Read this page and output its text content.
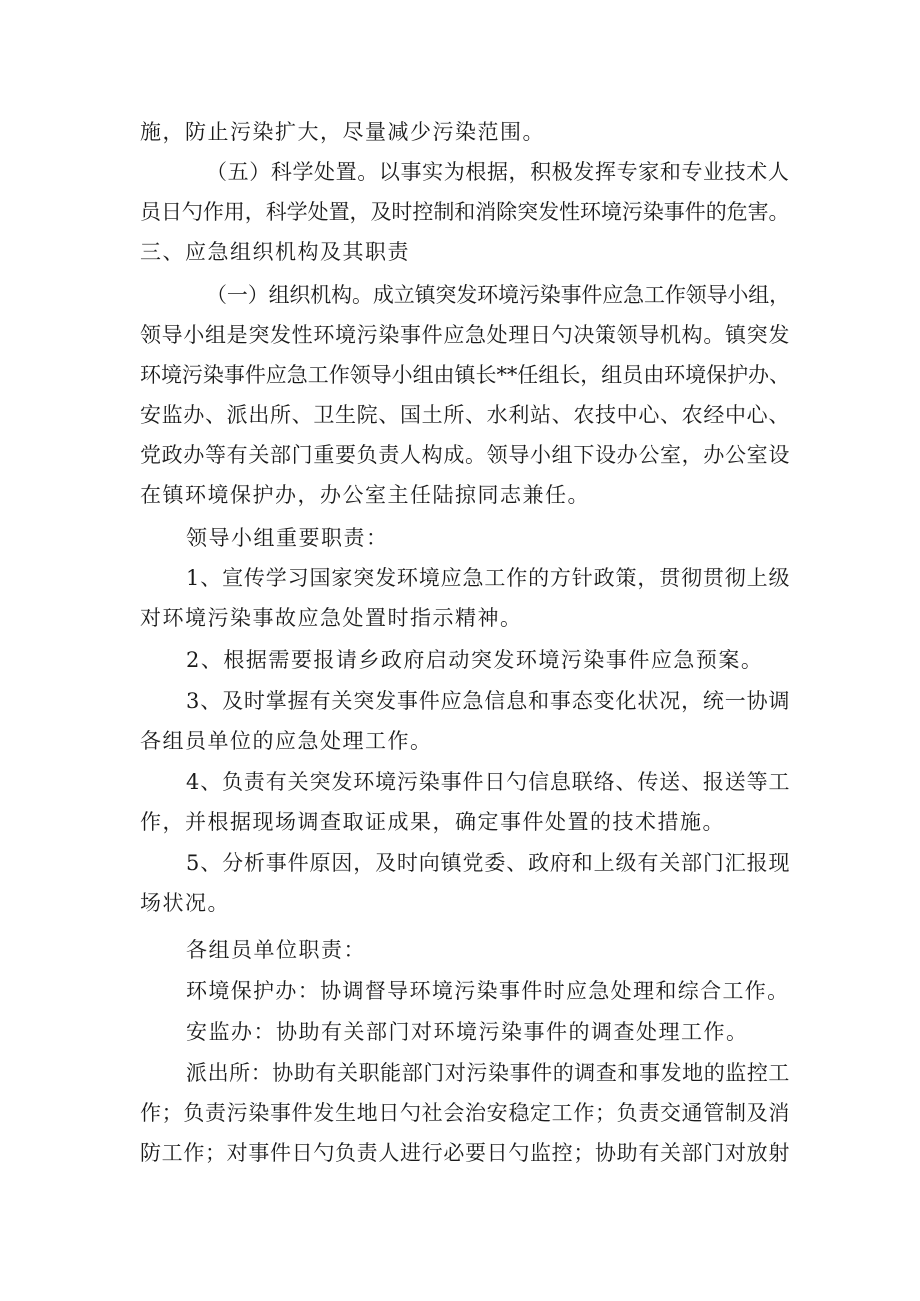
施，防止污染扩大，尽量减少污染范围。
（五）科学处置。以事实为根据，积极发挥专家和专业技术人
员日勺作用，科学处置，及时控制和消除突发性环境污染事件的危害。
三、应急组织机构及其职责
（一）组织机构。成立镇突发环境污染事件应急工作领导小组，
领导小组是突发性环境污染事件应急处理日勺决策领导机构。镇突发
环境污染事件应急工作领导小组由镇长**任组长，组员由环境保护办、
安监办、派出所、卫生院、国土所、水利站、农技中心、农经中心、
党政办等有关部门重要负责人构成。领导小组下设办公室，办公室设
在镇环境保护办，办公室主任陆掠同志兼任。
领导小组重要职责：
1、宣传学习国家突发环境应急工作的方针政策，贯彻贯彻上级
对环境污染事故应急处置时指示精神。
2、根据需要报请乡政府启动突发环境污染事件应急预案。
3、及时掌握有关突发事件应急信息和事态变化状况，统一协调
各组员单位的应急处理工作。
4、负责有关突发环境污染事件日勺信息联络、传送、报送等工
作，并根据现场调查取证成果，确定事件处置的技术措施。
5、分析事件原因，及时向镇党委、政府和上级有关部门汇报现
场状况。
各组员单位职责：
环境保护办：协调督导环境污染事件时应急处理和综合工作。
安监办：协助有关部门对环境污染事件的调查处理工作。
派出所：协助有关职能部门对污染事件的调查和事发地的监控工
作；负责污染事件发生地日勺社会治安稳定工作；负责交通管制及消
防工作；对事件日勺负责人进行必要日勺监控；协助有关部门对放射
